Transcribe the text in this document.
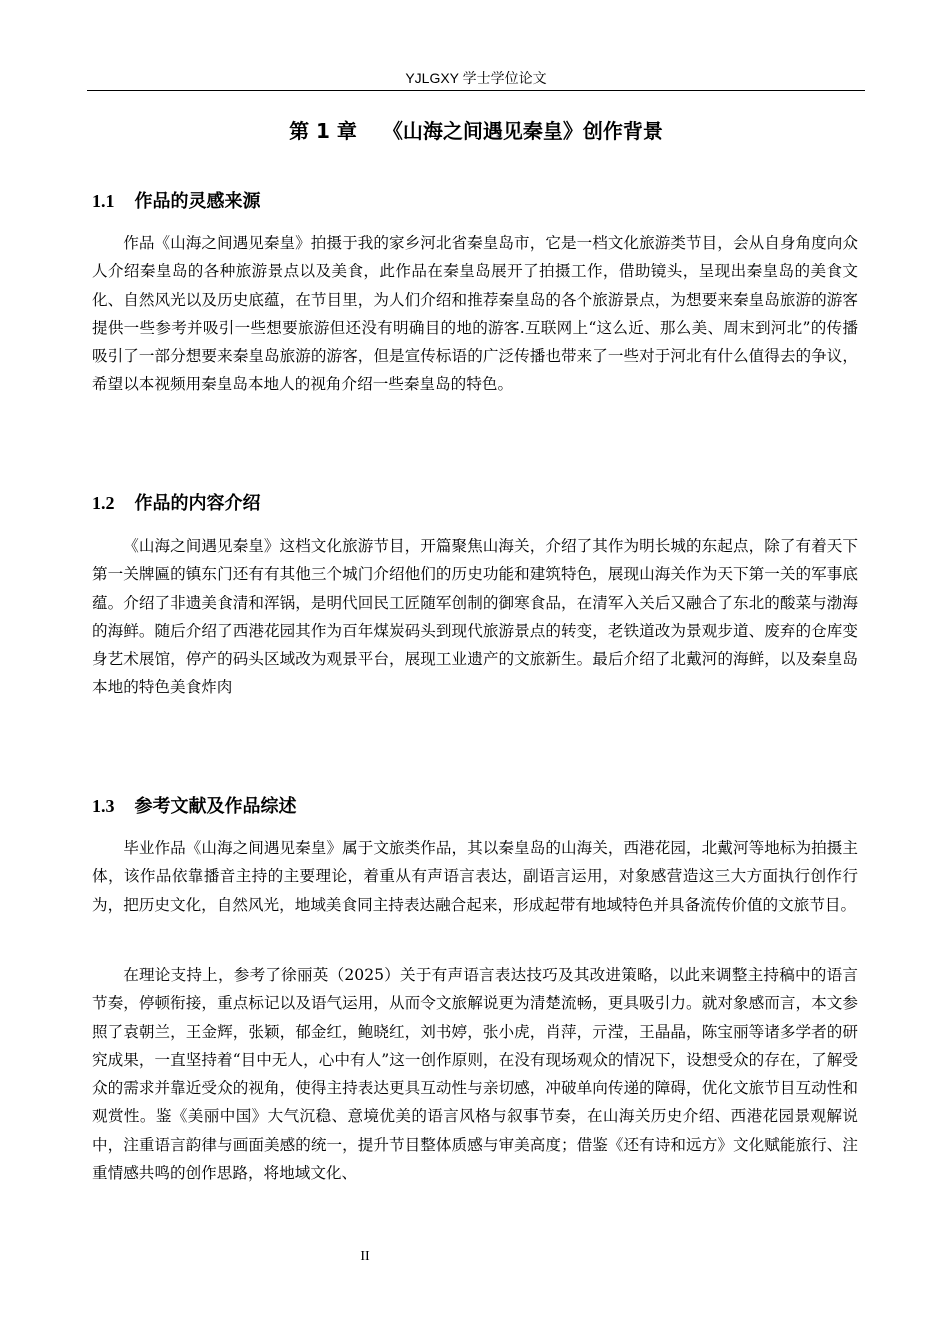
YJLGXY 学士学位论文
第 1 章 《山海之间遇见秦皇》创作背景
1.1 作品的灵感来源

作品《山海之间遇见秦皇》拍摄于我的家乡河北省秦皇岛市，它是一档文化旅游类节目，会从自身角度向众人介绍秦皇岛的各种旅游景点以及美食，此作品在秦皇岛展开了拍摄工作，借助镜头，呈现出秦皇岛的美食文化、自然风光以及历史底蕴，在节目里，为人们介绍和推荐秦皇岛的各个旅游景点，为想要来秦皇岛旅游的游客提供一些参考并吸引一些想要旅游但还没有明确目的地的游客.互联网上“这么近、那么美、周末到河北”的传播吸引了一部分想要来秦皇岛旅游的游客，但是宣传标语的广泛传播也带来了一些对于河北有什么值得去的争议，希望以本视频用秦皇岛本地人的视角介绍一些秦皇岛的特色。

1.2 作品的内容介绍

《山海之间遇见秦皇》这档文化旅游节目，开篇聚焦山海关，介绍了其作为明长城的东起点，除了有着天下第一关牌匾的镇东门还有有其他三个城门介绍他们的历史功能和建筑特色，展现山海关作为天下第一关的军事底蕴。介绍了非遗美食清和浑锅，是明代回民工匠随军创制的御寒食品，在清军入关后又融合了东北的酸菜与渤海的海鲜。随后介绍了西港花园其作为百年煤炭码头到现代旅游景点的转变，老铁道改为景观步道、废弃的仓库变身艺术展馆，停产的码头区域改为观景平台，展现工业遗产的文旅新生。最后介绍了北戴河的海鲜，以及秦皇岛本地的特色美食炸肉

1.3 参考文献及作品综述

毕业作品《山海之间遇见秦皇》属于文旅类作品，其以秦皇岛的山海关，西港花园，北戴河等地标为拍摄主体，该作品依靠播音主持的主要理论，着重从有声语言表达，副语言运用，对象感营造这三大方面执行创作行为，把历史文化，自然风光，地域美食同主持表达融合起来，形成起带有地域特色并具备流传价值的文旅节目。

在理论支持上，参考了徐丽英（2025）关于有声语言表达技巧及其改进策略，以此来调整主持稿中的语言节奏，停顿衔接，重点标记以及语气运用，从而令文旅解说更为清楚流畅，更具吸引力。就对象感而言，本文参照了袁朝兰，王金辉，张颖，郁金红，鲍晓红，刘书婷，张小虎，肖萍，亓滢，王晶晶，陈宝丽等诸多学者的研究成果，一直坚持着“目中无人，心中有人”这一创作原则，在没有现场观众的情况下，设想受众的存在，了解受众的需求并靠近受众的视角，使得主持表达更具互动性与亲切感，冲破单向传递的障碍，优化文旅节目互动性和观赏性。鉴《美丽中国》大气沉稳、意境优美的语言风格与叙事节奏，在山海关历史介绍、西港花园景观解说中，注重语言韵律与画面美感的统一，提升节目整体质感与审美高度；借鉴《还有诗和远方》文化赋能旅行、注重情感共鸣的创作思路，将地域文化、

II
